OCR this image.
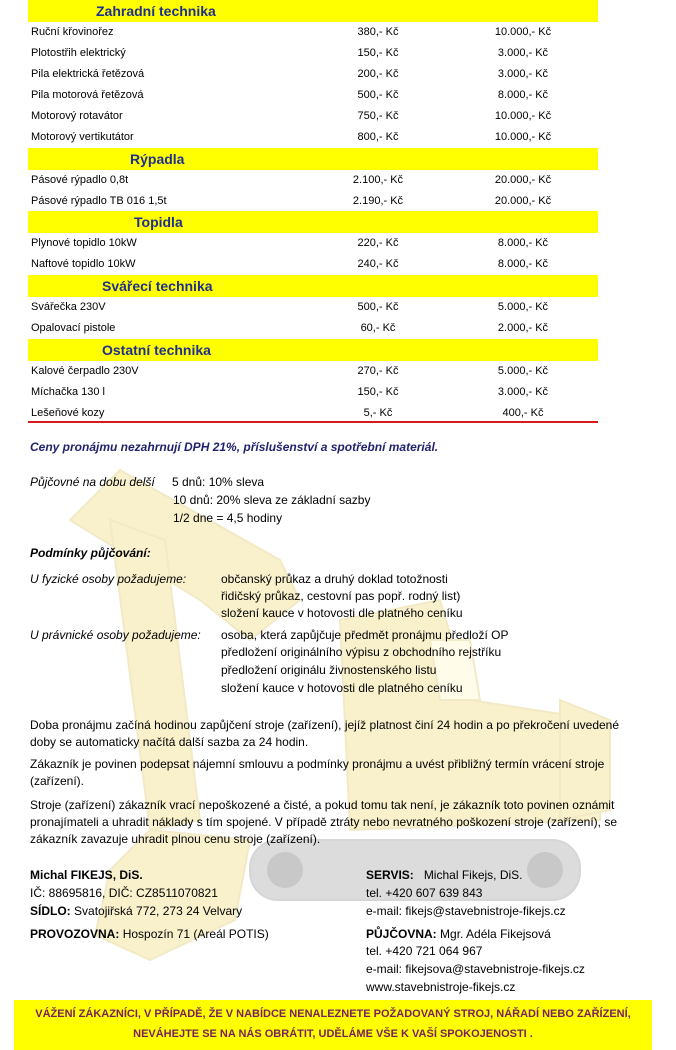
Zahradní technika
Ruční křovinořez	380,- Kč	10.000,- Kč
Plotostřih elektrický	150,- Kč	3.000,- Kč
Pila elektrická řetězová	200,- Kč	3.000,- Kč
Pila motorová řetězová	500,- Kč	8.000,- Kč
Motorový rotavátor	750,- Kč	10.000,- Kč
Motorový vertikutátor	800,- Kč	10.000,- Kč
Rýpadla
Pásové rýpadlo 0,8t	2.100,- Kč	20.000,- Kč
Pásové rýpadlo TB 016 1,5t	2.190,- Kč	20.000,- Kč
Topidla
Plynové topidlo 10kW	220,- Kč	8.000,- Kč
Naftové topidlo 10kW	240,- Kč	8.000,- Kč
Svářecí technika
Svářečka 230V	500,- Kč	5.000,- Kč
Opalovací pistole	60,- Kč	2.000,- Kč
Ostatní technika
Kalové čerpadlo 230V	270,- Kč	5.000,- Kč
Míchačka 130 l	150,- Kč	3.000,- Kč
Lešeňové kozy	5,- Kč	400,- Kč
Ceny pronájmu nezahrnují DPH 21%, příslušenství a spotřební materiál.
Půjčovné na dobu delší 5 dnů: 10% sleva
10 dnů: 20% sleva ze základní sazby
1/2 dne = 4,5 hodiny
Podmínky půjčování:
U fyzické osoby požadujeme:	občanský průkaz a druhý doklad totožnosti
řidičský průkaz, cestovní pas popř. rodný list)
složení kauce v hotovosti dle platného ceníku
U právnické osoby požadujeme: osoba, která zapůjčuje předmět pronájmu předloží OP
předložení originálního výpisu z obchodního rejstříku
předložení originálu živnostenského listu
složení kauce v hotovosti dle platného ceníku
Doba pronájmu začíná hodinou zapůjčení stroje (zařízení), jejíž platnost činí 24 hodin a po překročení uvedené doby se automaticky načítá další sazba za 24 hodin.
Zákazník je povinen podepsat nájemní smlouvu a podmínky pronájmu a uvést přibližný termín vrácení stroje (zařízení).
Stroje (zařízení) zákazník vrací nepoškozené a čisté, a pokud tomu tak není, je zákazník toto povinen oznámit pronajímateli a uhradit náklady s tím spojené. V případě ztráty nebo nevratného poškození stroje (zařízení), se zákazník zavazuje uhradit plnou cenu stroje (zařízení).
Michal FIKEJS, DiS.
IČ: 88695816, DIČ: CZ8511070821
SÍDLO: Svatojiřská 772, 273 24 Velvary
PROVOZOVNA: Hospozín 71 (Areál POTIS)
SERVIS: Michal Fikejs, DiS.
tel. +420 607 639 843
e-mail: fikejs@stavebnistroje-fikejs.cz
PŮJČOVNA: Mgr. Adéla Fikejsová
tel. +420 721 064 967
e-mail: fikejsova@stavebnistroje-fikejs.cz
www.stavebnistroje-fikejs.cz
VÁŽENÍ ZÁKAZNÍCI, V PŘÍPADĚ, ŽE V NABÍDCE NENALEZNETE POŽADOVANÝ STROJ, NÁŘADÍ NEBO ZAŘÍZENÍ,
NEVÁHEJTE SE NA NÁS OBRÁTIT, UDĚLÁME VŠE K VAŠÍ SPOKOJENOSTI .
